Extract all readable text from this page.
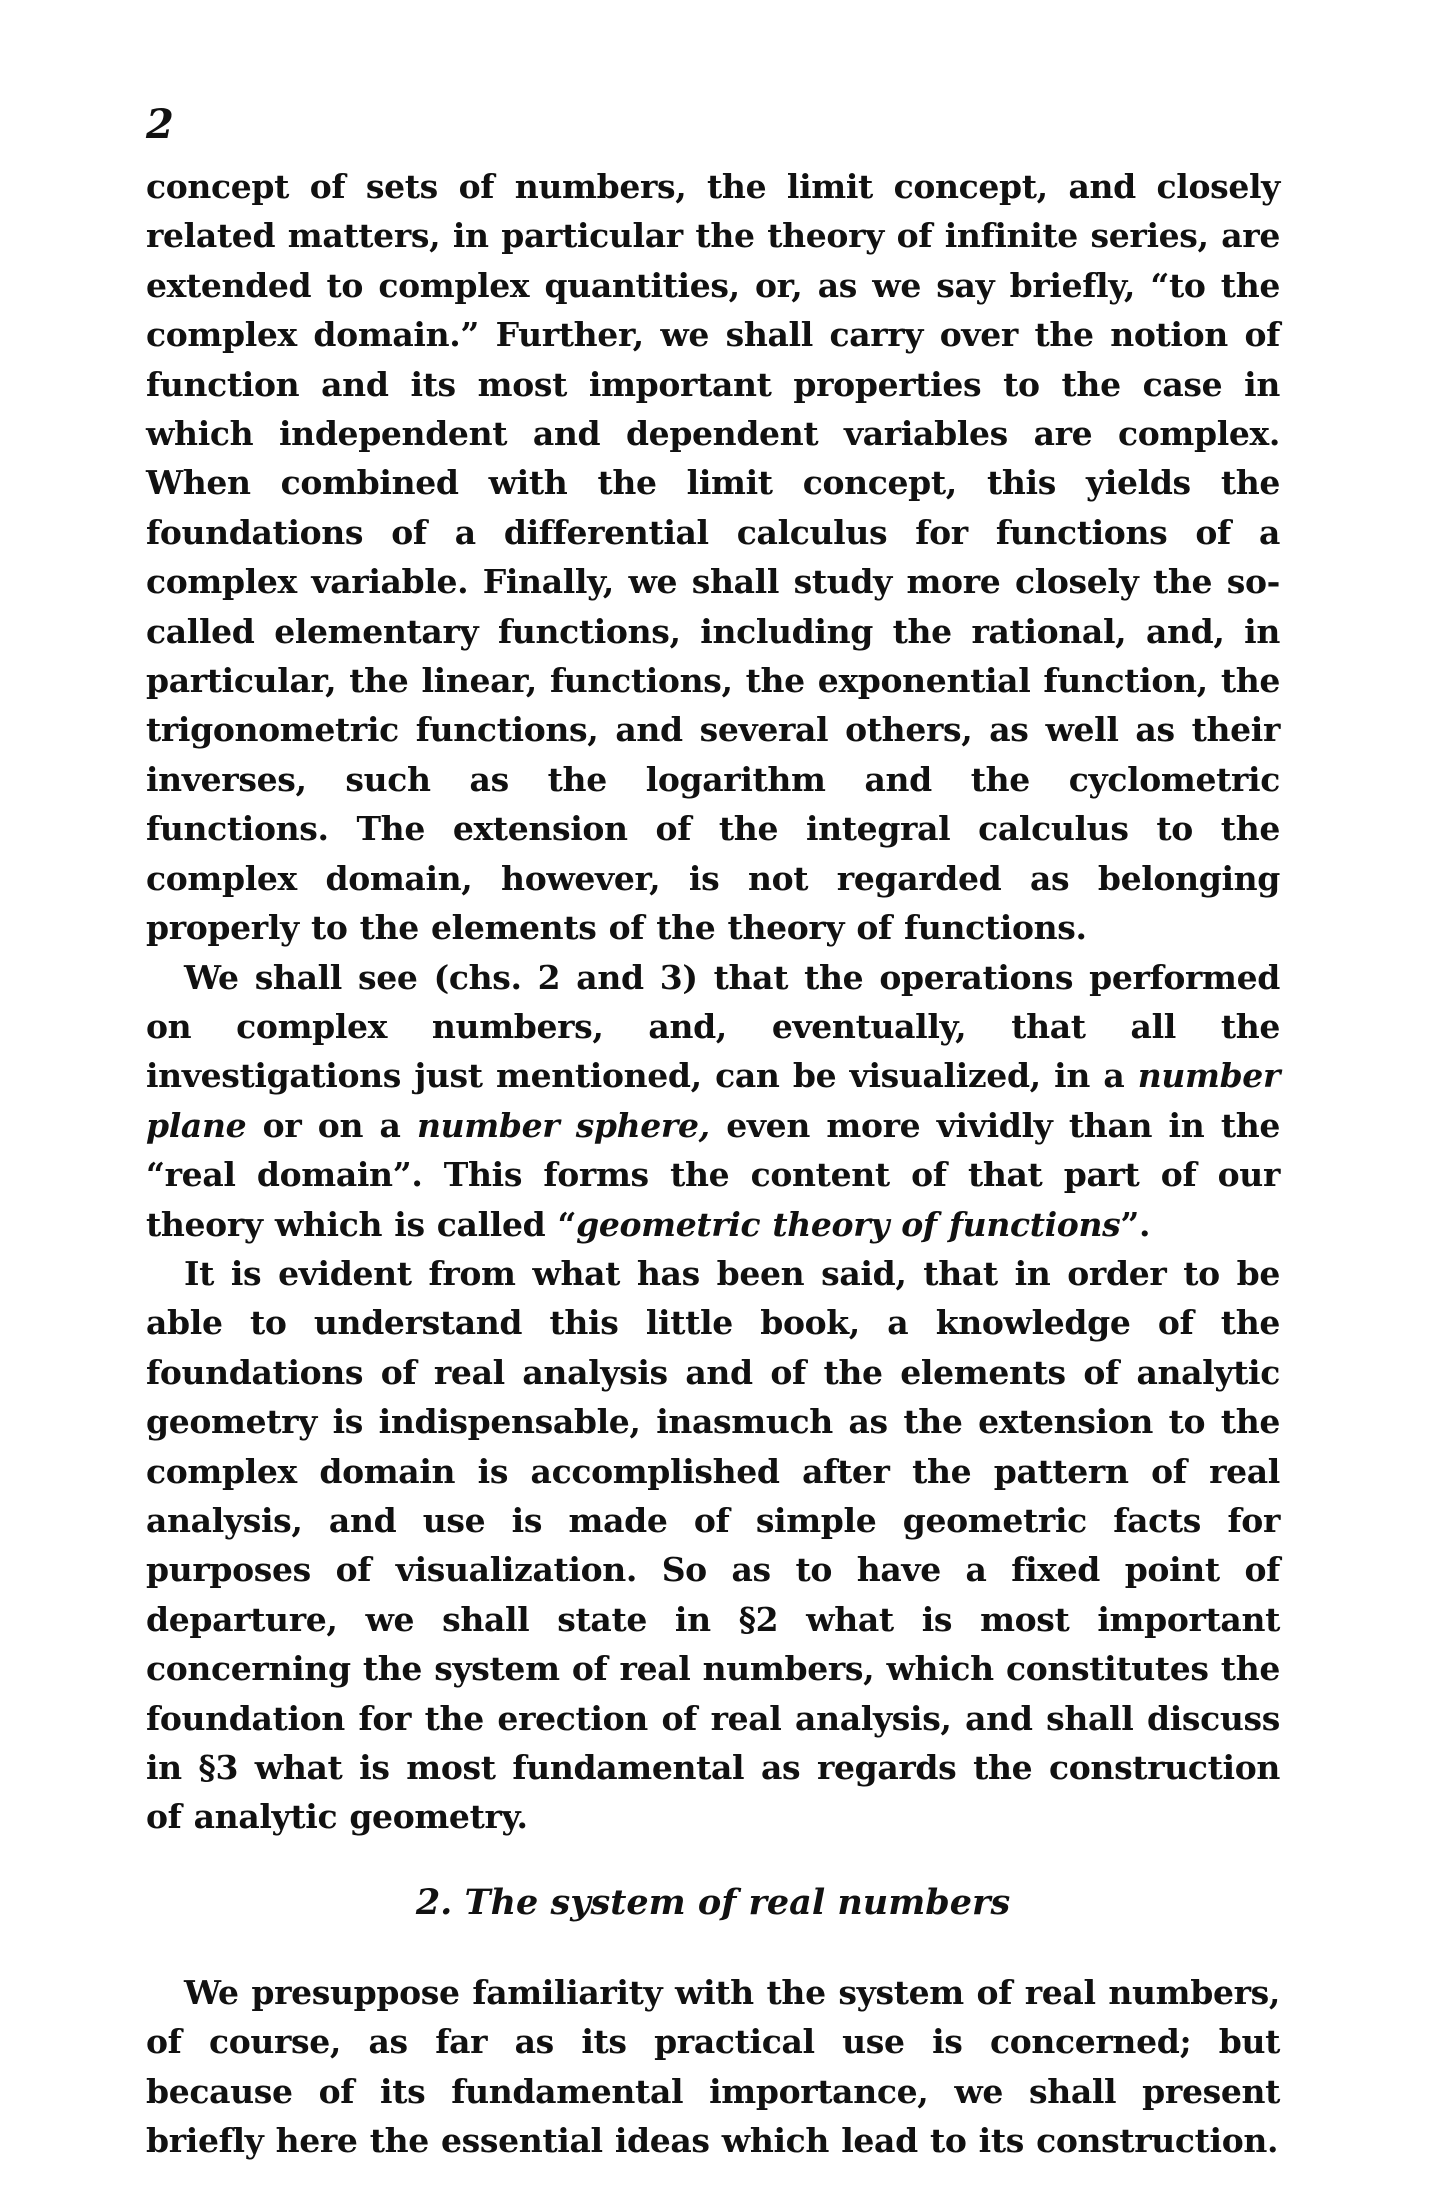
2

concept of sets of numbers, the limit concept, and closely related matters, in particular the theory of infinite series, are extended to complex quantities, or, as we say briefly, “to the complex domain.” Further, we shall carry over the notion of function and its most important properties to the case in which independent and dependent variables are complex. When combined with the limit concept, this yields the foundations of a differential calculus for functions of a complex variable. Finally, we shall study more closely the so-called elementary functions, including the rational, and, in particular, the linear, functions, the exponential function, the trigonometric functions, and several others, as well as their inverses, such as the logarithm and the cyclometric functions. The extension of the integral calculus to the complex domain, however, is not regarded as belonging properly to the elements of the theory of functions.

We shall see (chs. 2 and 3) that the operations performed on complex numbers, and, eventually, that all the investigations just mentioned, can be visualized, in a number plane or on a number sphere, even more vividly than in the “real domain”. This forms the content of that part of our theory which is called “geometric theory of functions”.

It is evident from what has been said, that in order to be able to understand this little book, a knowledge of the foundations of real analysis and of the elements of analytic geometry is indispensable, inasmuch as the extension to the complex domain is accomplished after the pattern of real analysis, and use is made of simple geometric facts for purposes of visualization. So as to have a fixed point of departure, we shall state in §2 what is most important concerning the system of real numbers, which constitutes the foundation for the erection of real analysis, and shall discuss in §3 what is most fundamental as regards the construction of analytic geometry.

2. The system of real numbers

We presuppose familiarity with the system of real numbers, of course, as far as its practical use is concerned; but because of its fundamental importance, we shall present briefly here the essential ideas which lead to its construction.
